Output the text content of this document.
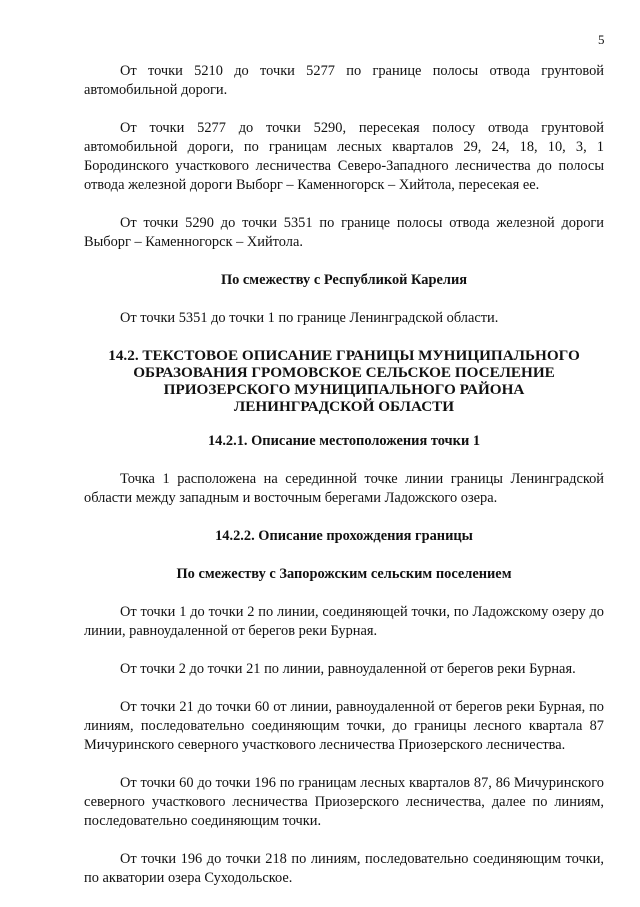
5

От точки 5210 до точки 5277 по границе полосы отвода грунтовой автомобильной дороги.

От точки 5277 до точки 5290, пересекая полосу отвода грунтовой автомобильной дороги, по границам лесных кварталов 29, 24, 18, 10, 3, 1 Бородинского участкового лесничества Северо-Западного лесничества до полосы отвода железной дороги Выборг – Каменногорск – Хийтола, пересекая ее.

От точки 5290 до точки 5351 по границе полосы отвода железной дороги Выборг – Каменногорск – Хийтола.

По смежеству с Республикой Карелия

От точки 5351 до точки 1 по границе Ленинградской области.

14.2. ТЕКСТОВОЕ ОПИСАНИЕ ГРАНИЦЫ МУНИЦИПАЛЬНОГО
ОБРАЗОВАНИЯ ГРОМОВСКОЕ СЕЛЬСКОЕ ПОСЕЛЕНИЕ
ПРИОЗЕРСКОГО МУНИЦИПАЛЬНОГО РАЙОНА
ЛЕНИНГРАДСКОЙ ОБЛАСТИ
14.2.1. Описание местоположения точки 1

Точка 1 расположена на серединной точке линии границы Ленинградской области между западным и восточным берегами Ладожского озера.

14.2.2. Описание прохождения границы
По смежеству с Запорожским сельским поселением

От точки 1 до точки 2 по линии, соединяющей точки, по Ладожскому озеру до линии, равноудаленной от берегов реки Бурная.

От точки 2 до точки 21 по линии, равноудаленной от берегов реки Бурная.

От точки 21 до точки 60 от линии, равноудаленной от берегов реки Бурная, по линиям, последовательно соединяющим точки, до границы лесного квартала 87 Мичуринского северного участкового лесничества Приозерского лесничества.

От точки 60 до точки 196 по границам лесных кварталов 87, 86 Мичуринского северного участкового лесничества Приозерского лесничества, далее по линиям, последовательно соединяющим точки.

От точки 196 до точки 218 по линиям, последовательно соединяющим точки, по акватории озера Суходольское.
